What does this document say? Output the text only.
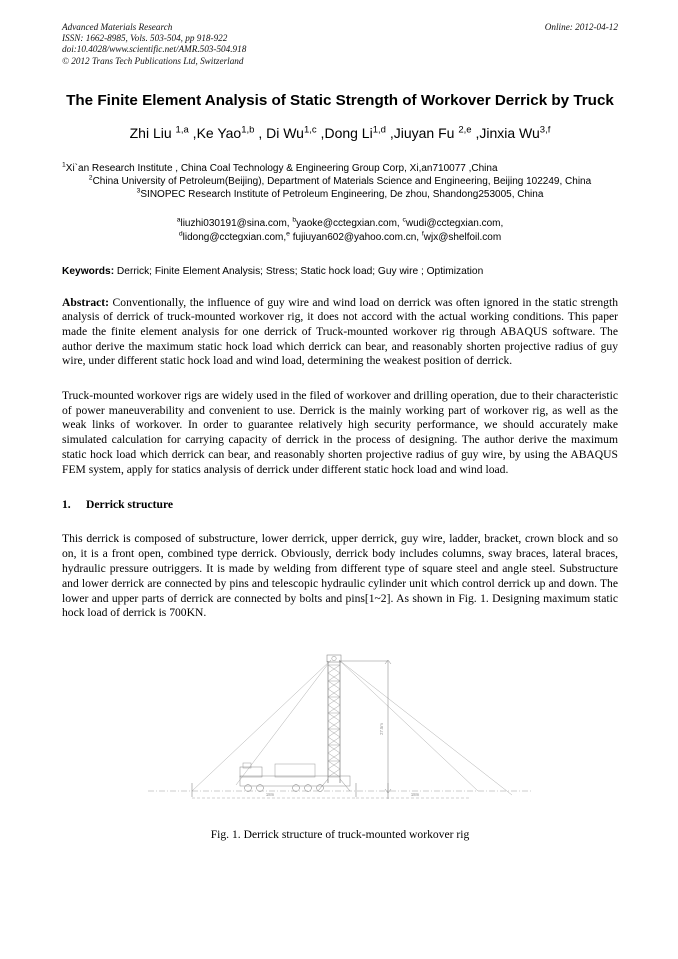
Advanced Materials Research
ISSN: 1662-8985, Vols. 503-504, pp 918-922
doi:10.4028/www.scientific.net/AMR.503-504.918
© 2012 Trans Tech Publications Ltd, Switzerland
Online: 2012-04-12
The Finite Element Analysis of Static Strength of Workover Derrick by Truck
Zhi Liu $^{1,a}$ ,Ke Yao$^{1,b}$ , Di Wu$^{1,c}$ ,Dong Li$^{1,d}$ ,Jiuyan Fu $^{2,e}$ ,Jinxia Wu$^{3,f}$
$^1$Xi`an Research Institute , China Coal Technology & Engineering Group Corp, Xi,an710077 ,China
$^2$China University of Petroleum(Beijing), Department of Materials Science and Engineering, Beijing 102249, China
$^3$SINOPEC Research Institute of Petroleum Engineering, De zhou, Shandong253005, China
$^a$liuzhi030191@sina.com, $^b$yaoke@cctegxian.com, $^c$wudi@cctegxian.com,
$^d$lidong@cctegxian.com,$^e$ fujiuyan602@yahoo.com.cn, $^f$wjx@shelfoil.com
Keywords: Derrick; Finite Element Analysis; Stress; Static hock load; Guy wire ; Optimization
Abstract: Conventionally, the influence of guy wire and wind load on derrick was often ignored in the static strength analysis of derrick of truck-mounted workover rig, it does not accord with the actual working conditions. This paper made the finite element analysis for one derrick of Truck-mounted workover rig through ABAQUS software. The author derive the maximum static hock load which derrick can bear, and reasonably shorten projective radius of guy wire, under different static hock load and wind load, determining the weakest position of derrick.
Truck-mounted workover rigs are widely used in the filed of workover and drilling operation, due to their characteristic of power maneuverability and convenient to use. Derrick is the mainly working part of workover rig, as well as the weak links of workover. In order to guarantee relatively high security performance, we should accurately make simulated calculation for carrying capacity of derrick in the process of designing. The author derive the maximum static hock load which derrick can bear, and reasonably shorten projective radius of guy wire, by using the ABAQUS FEM system, apply for statics analysis of derrick under different static hock load and wind load.
1. Derrick structure
This derrick is composed of substructure, lower derrick, upper derrick, guy wire, ladder, bracket, crown block and so on, it is a front open, combined type derrick. Obviously, derrick body includes columns, sway braces, lateral braces, hydraulic pressure outriggers. It is made by welding from different type of square steel and angle steel. Substructure and lower derrick are connected by pins and telescopic hydraulic cylinder unit which control derrick up and down. The lower and upper parts of derrick are connected by bolts and pins[1~2]. As shown in Fig. 1. Designing maximum static hock load of derrick is 700KN.
27.5m
18m	18m
Fig. 1. Derrick structure of truck-mounted workover rig
